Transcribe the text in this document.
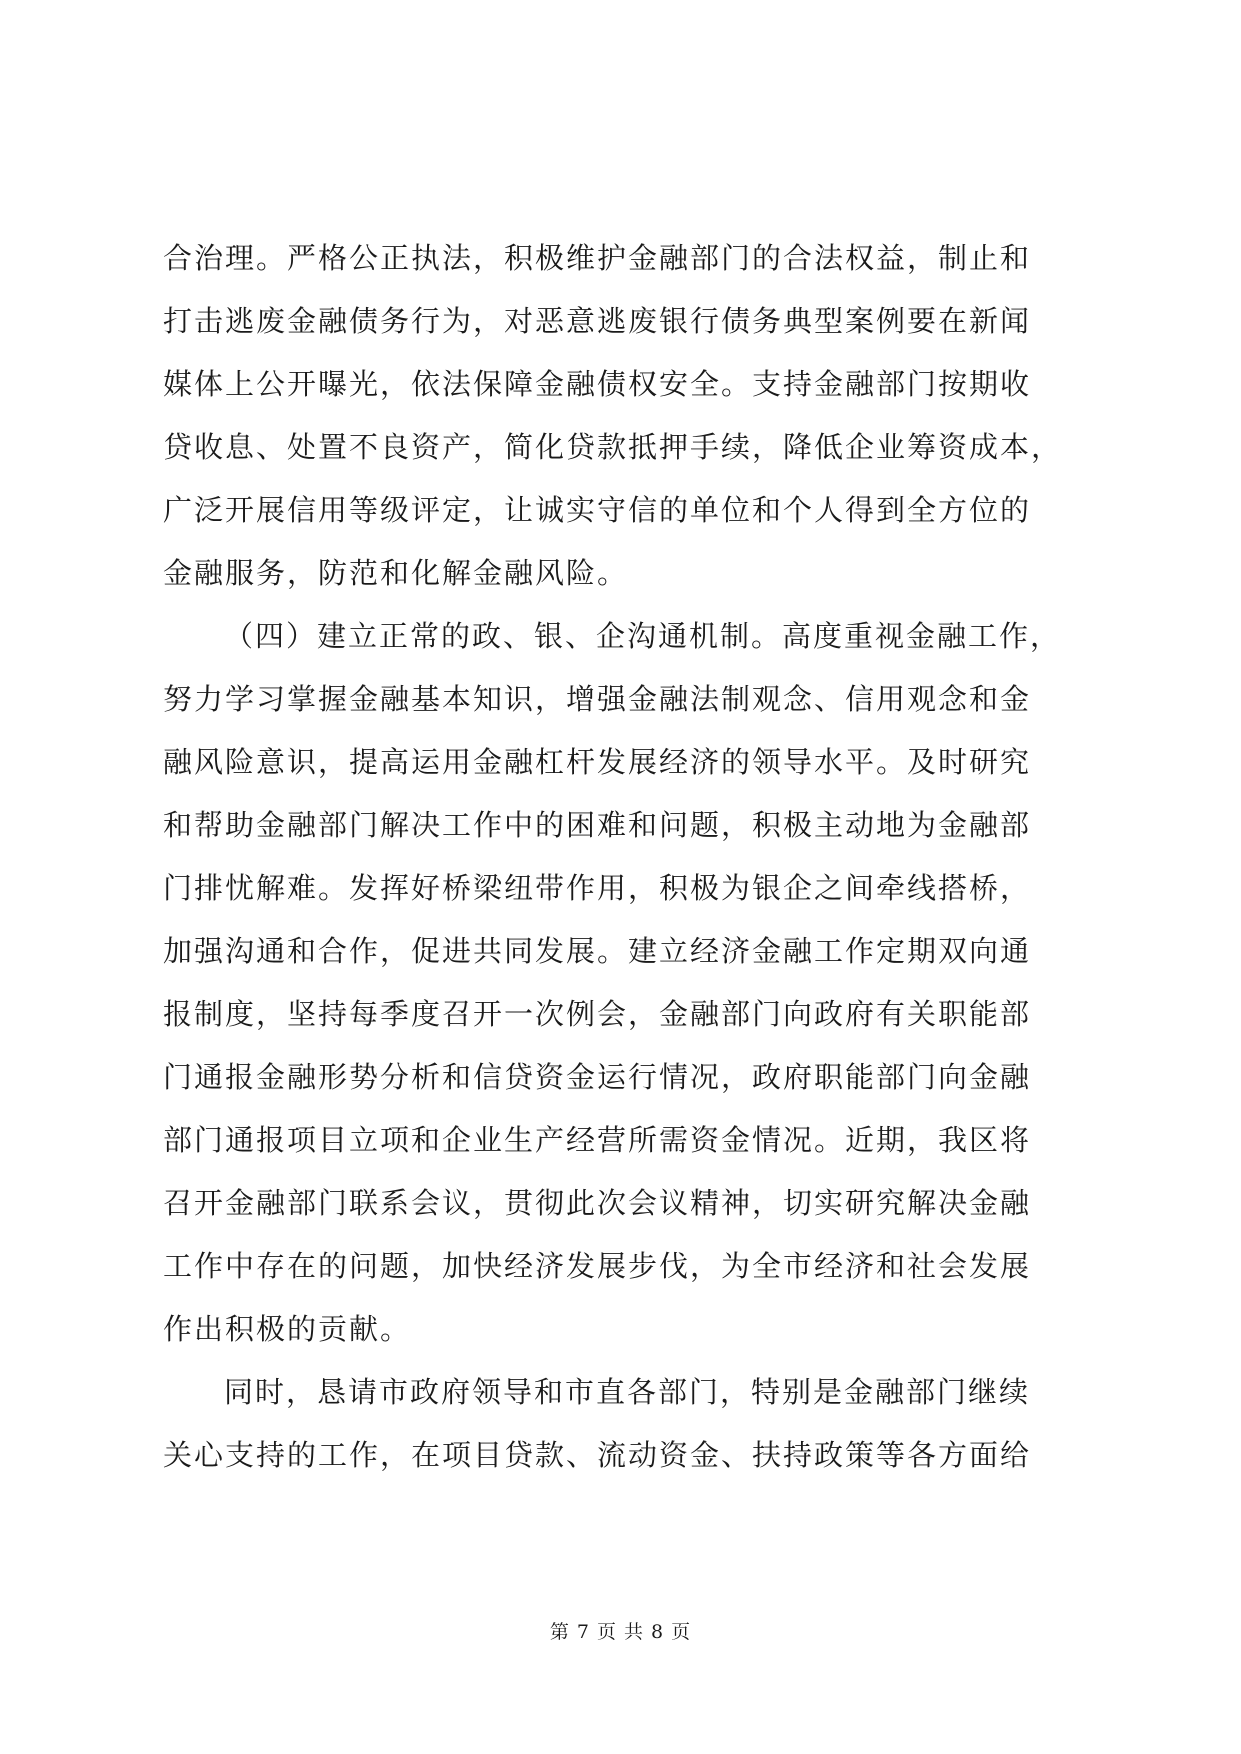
合治理。严格公正执法，积极维护金融部门的合法权益，制止和
打击逃废金融债务行为，对恶意逃废银行债务典型案例要在新闻
媒体上公开曝光，依法保障金融债权安全。支持金融部门按期收
贷收息、处置不良资产，简化贷款抵押手续，降低企业筹资成本，
广泛开展信用等级评定，让诚实守信的单位和个人得到全方位的
金融服务，防范和化解金融风险。
（四）建立正常的政、银、企沟通机制。高度重视金融工作，
努力学习掌握金融基本知识，增强金融法制观念、信用观念和金
融风险意识，提高运用金融杠杆发展经济的领导水平。及时研究
和帮助金融部门解决工作中的困难和问题，积极主动地为金融部
门排忧解难。发挥好桥梁纽带作用，积极为银企之间牵线搭桥，
加强沟通和合作，促进共同发展。建立经济金融工作定期双向通
报制度，坚持每季度召开一次例会，金融部门向政府有关职能部
门通报金融形势分析和信贷资金运行情况，政府职能部门向金融
部门通报项目立项和企业生产经营所需资金情况。近期，我区将
召开金融部门联系会议，贯彻此次会议精神，切实研究解决金融
工作中存在的问题，加快经济发展步伐，为全市经济和社会发展
作出积极的贡献。
同时，恳请市政府领导和市直各部门，特别是金融部门继续
关心支持的工作，在项目贷款、流动资金、扶持政策等各方面给
第 7 页 共 8 页
